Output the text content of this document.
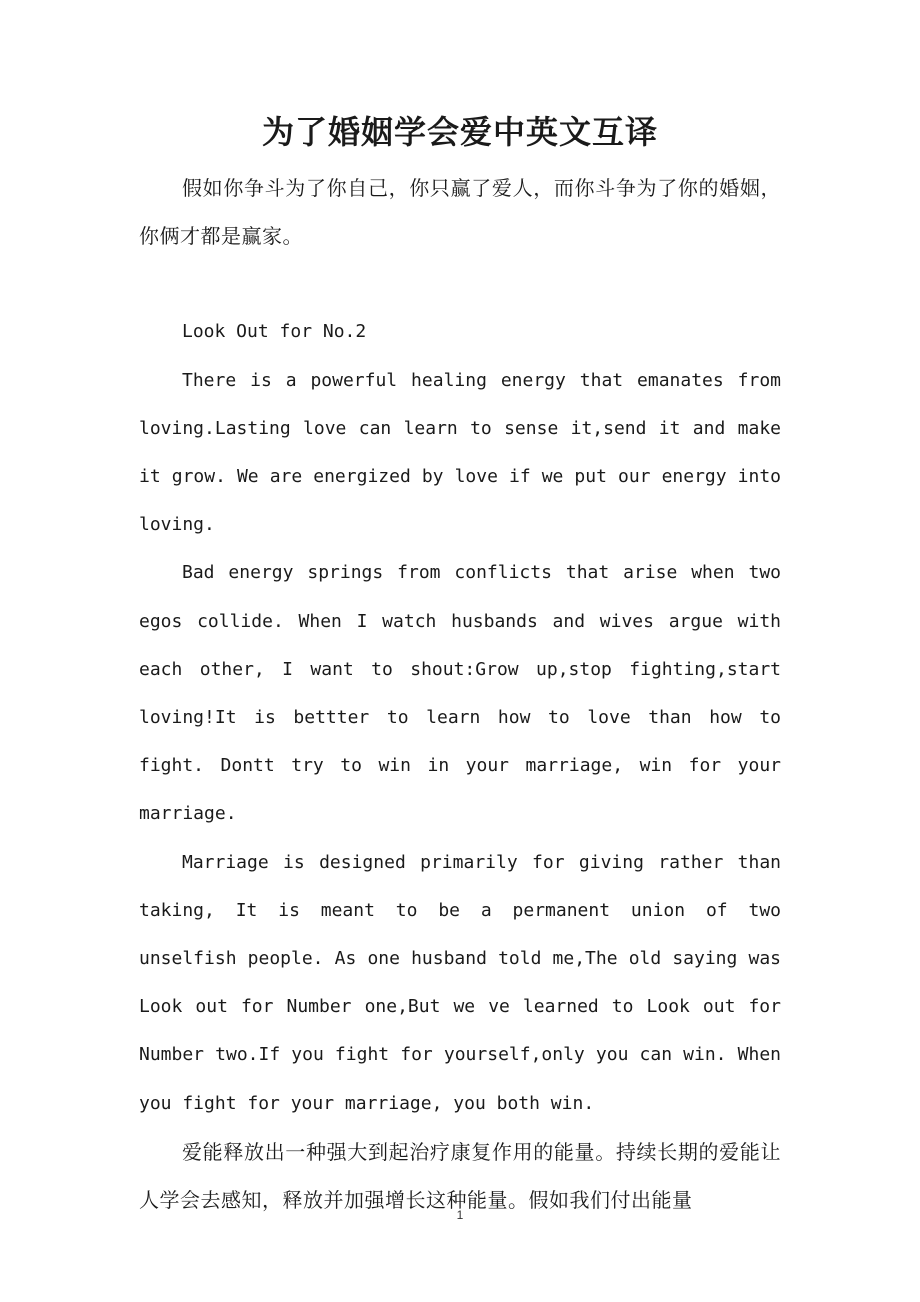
为了婚姻学会爱中英文互译

假如你争斗为了你自己，你只赢了爱人，而你斗争为了你的婚姻，你俩才都是赢家。

Look Out for No.2

There is a powerful healing energy that emanates from loving.Lasting love can learn to sense it,send it and make it grow. We are energized by love if we put our energy into loving.

Bad energy springs from conflicts that arise when two egos collide. When I watch husbands and wives argue with each other, I want to shout:Grow up,stop fighting,start loving!It is bettter to learn how to love than how to fight. Dontt try to win in your marriage, win for your marriage.

Marriage is designed primarily for giving rather than taking, It is meant to be a permanent union of two unselfish people. As one husband told me,The old saying was Look out for Number one,But we ve learned to Look out for Number two.If you fight for yourself,only you can win. When you fight for your marriage, you both win.

爱能释放出一种强大到起治疗康复作用的能量。持续长期的爱能让人学会去感知，释放并加强增长这种能量。假如我们付出能量

1
